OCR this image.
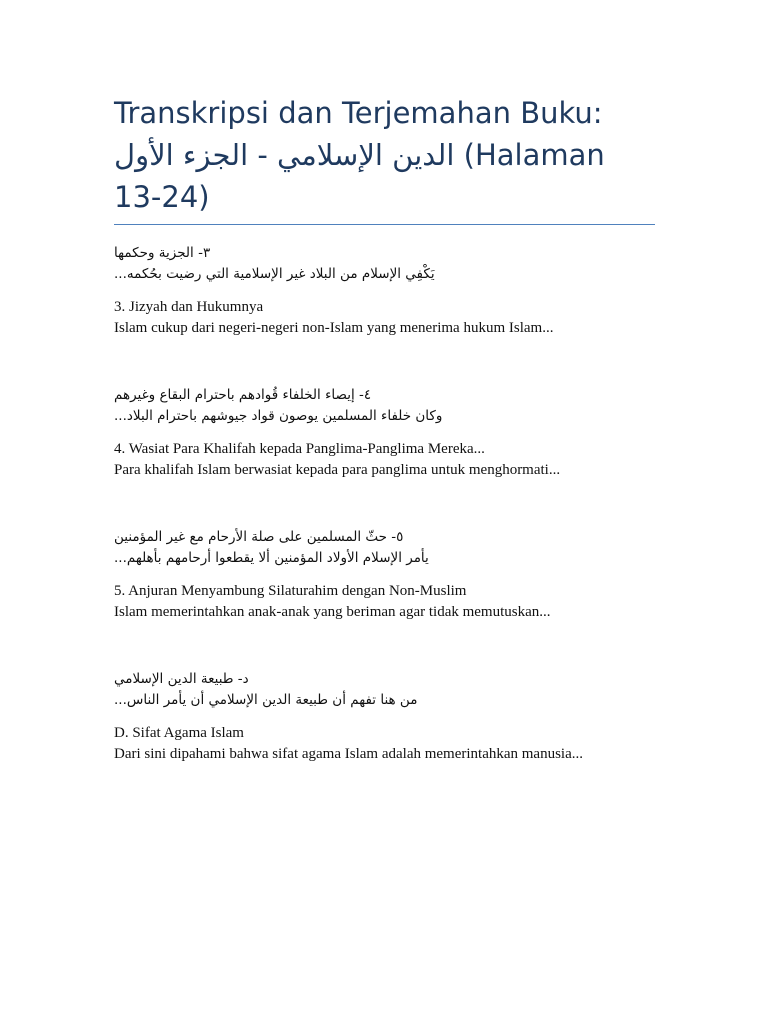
Transkripsi dan Terjemahan Buku: الدين الإسلامي - الجزء الأول (Halaman 13-24)

٣- الجزية وحكمها

يَكْفِي الإسلام من البلاد غير الإسلامية التي رضيت بحُكمه...

3. Jizyah dan Hukumnya

Islam cukup dari negeri-negeri non-Islam yang menerima hukum Islam...

٤- إيصاء الخلفاء قُوادهم باحترام البقاع وغيرهم

وكان خلفاء المسلمين يوصون قواد جيوشهم باحترام البلاد...

4. Wasiat Para Khalifah kepada Panglima-Panglima Mereka...

Para khalifah Islam berwasiat kepada para panglima untuk menghormati...

٥- حثّ المسلمين على صلة الأرحام مع غير المؤمنين

يأمر الإسلام الأولاد المؤمنين ألا يقطعوا أرحامهم بأهلهم...

5. Anjuran Menyambung Silaturahim dengan Non-Muslim

Islam memerintahkan anak-anak yang beriman agar tidak memutuskan...

د- طبيعة الدين الإسلامي

من هنا تفهم أن طبيعة الدين الإسلامي أن يأمر الناس...

D. Sifat Agama Islam

Dari sini dipahami bahwa sifat agama Islam adalah memerintahkan manusia...
